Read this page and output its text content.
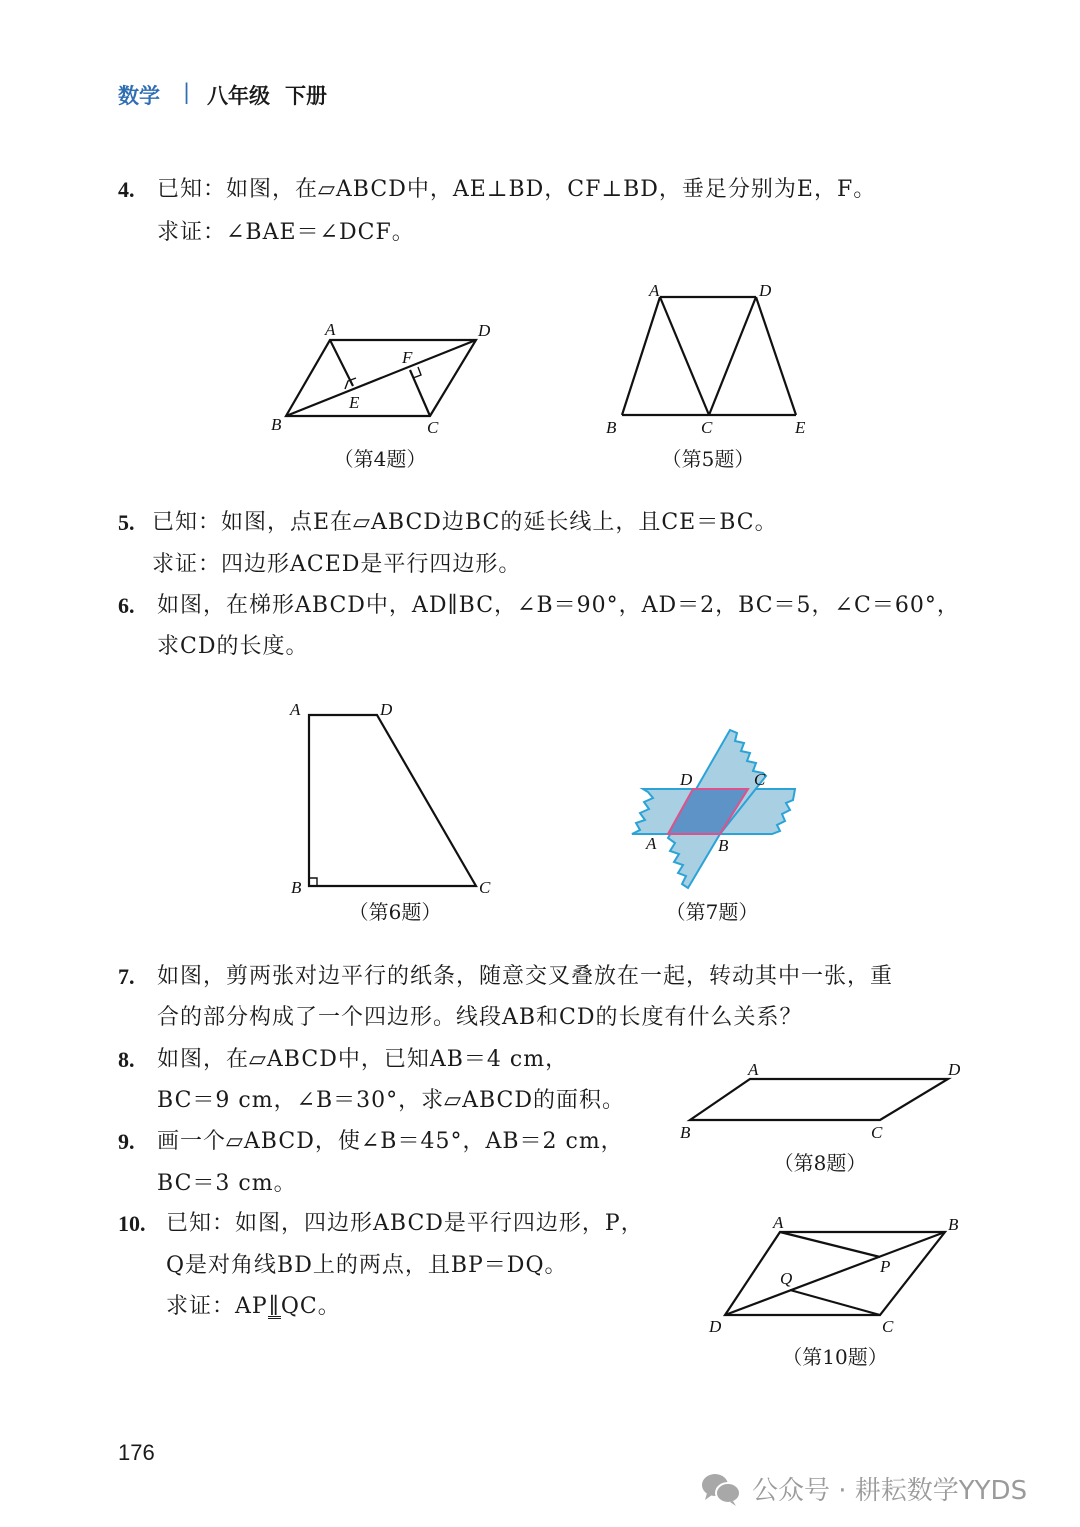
数学 | 八年级 下册
4. 已知：如图，在▱ABCD中，AE⊥BD，CF⊥BD，垂足分别为E，F。
求证：∠BAE＝∠DCF。
（第4题）	（第5题）
5. 已知：如图，点E在▱ABCD边BC的延长线上，且CE＝BC。
求证：四边形ACED是平行四边形。
6. 如图，在梯形ABCD中，AD∥BC，∠B＝90°，AD＝2，BC＝5，∠C＝60°，
求CD的长度。
（第6题）	（第7题）
7. 如图，剪两张对边平行的纸条，随意交叉叠放在一起，转动其中一张，重
合的部分构成了一个四边形。线段AB和CD的长度有什么关系？
8. 如图，在▱ABCD中，已知AB＝4 cm，
BC＝9 cm，∠B＝30°，求▱ABCD的面积。
9. 画一个▱ABCD，使∠B＝45°，AB＝2 cm，
BC＝3 cm。
（第8题）
10. 已知：如图，四边形ABCD是平行四边形，P，
Q是对角线BD上的两点，且BP＝DQ。
求证：AP∥QC。
（第10题）
176
公众号 · 耕耘数学YYDS
A	D
B	C
E
F
A	D
B	C	E
A	D
B	C
D	C
A	B
A	D
B	C
A	B
D	C
P
Q
